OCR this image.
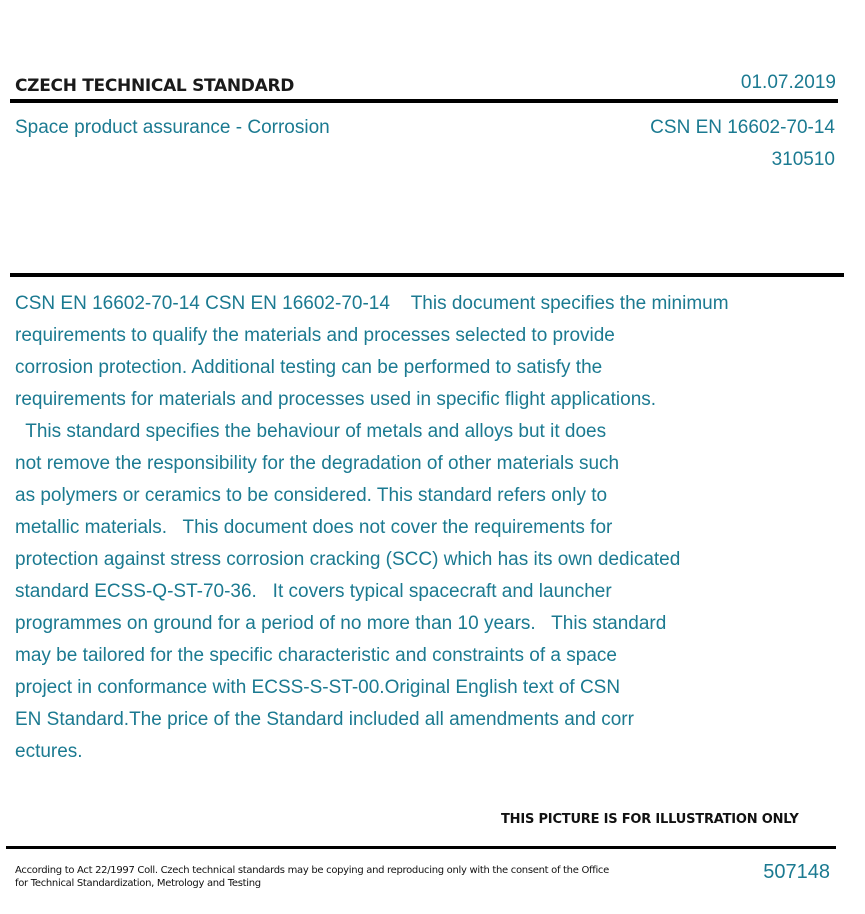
CZECH TECHNICAL STANDARD	01.07.2019
Space product assurance - Corrosion	CSN EN 16602-70-14
310510
CSN EN 16602-70-14 CSN EN 16602-70-14    This document specifies the minimum
requirements to qualify the materials and processes selected to provide
corrosion protection. Additional testing can be performed to satisfy the
requirements for materials and processes used in specific flight applications.
This standard specifies the behaviour of metals and alloys but it does
not remove the responsibility for the degradation of other materials such
as polymers or ceramics to be considered. This standard refers only to
metallic materials.   This document does not cover the requirements for
protection against stress corrosion cracking (SCC) which has its own dedicated
standard ECSS-Q-ST-70-36.   It covers typical spacecraft and launcher
programmes on ground for a period of no more than 10 years.   This standard
may be tailored for the specific characteristic and constraints of a space
project in conformance with ECSS-S-ST-00.Original English text of CSN
EN Standard.The price of the Standard included all amendments and corr
ectures.
THIS PICTURE IS FOR ILLUSTRATION ONLY
According to Act 22/1997 Coll. Czech technical standards may be copying and reproducing only with the consent of the Office
for Technical Standardization, Metrology and Testing
507148
